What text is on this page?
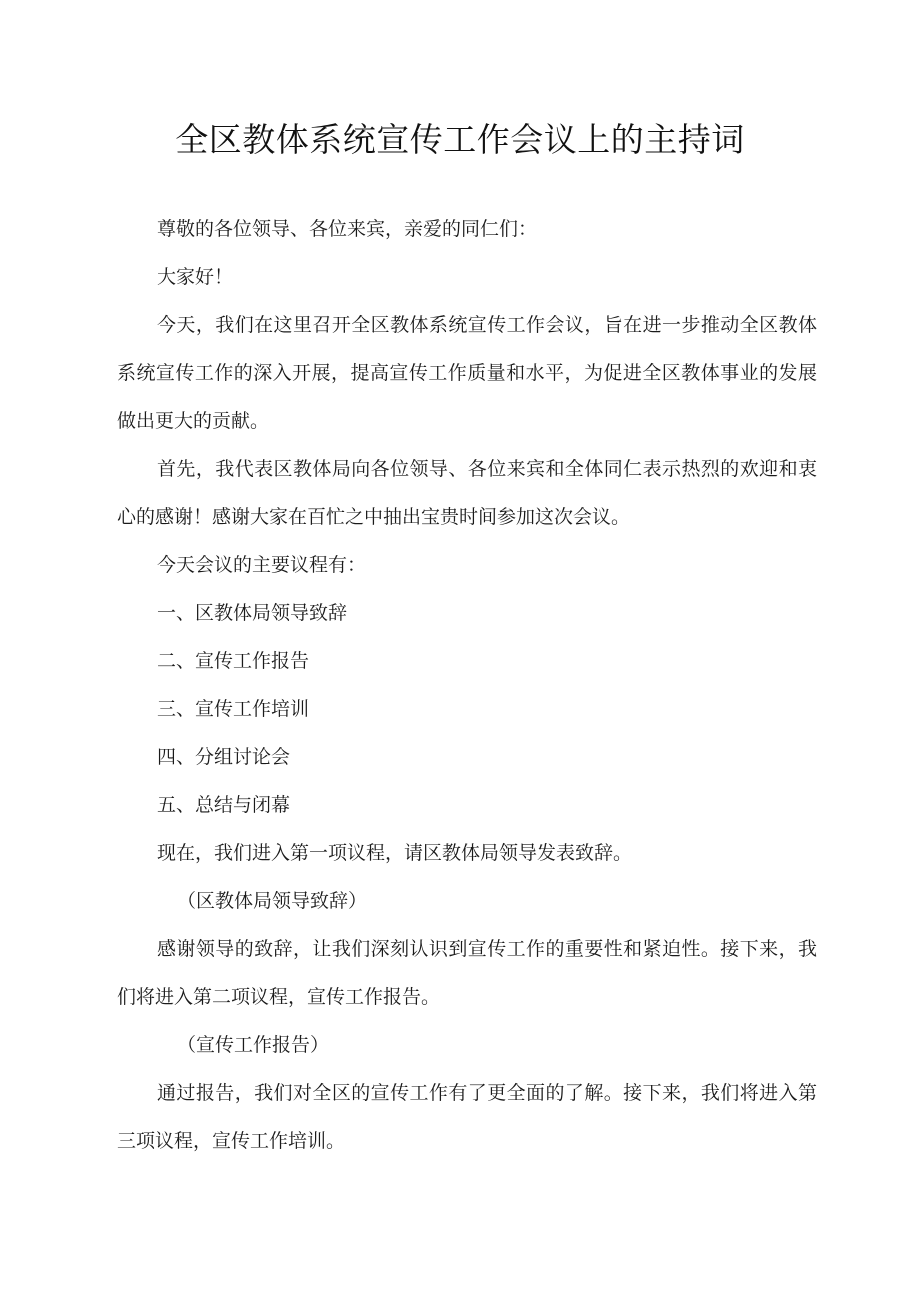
全区教体系统宣传工作会议上的主持词

尊敬的各位领导、各位来宾，亲爱的同仁们：

大家好！

今天，我们在这里召开全区教体系统宣传工作会议，旨在进一步推动全区教体系统宣传工作的深入开展，提高宣传工作质量和水平，为促进全区教体事业的发展做出更大的贡献。

首先，我代表区教体局向各位领导、各位来宾和全体同仁表示热烈的欢迎和衷心的感谢！感谢大家在百忙之中抽出宝贵时间参加这次会议。

今天会议的主要议程有：

一、区教体局领导致辞

二、宣传工作报告

三、宣传工作培训

四、分组讨论会

五、总结与闭幕

现在，我们进入第一项议程，请区教体局领导发表致辞。

（区教体局领导致辞）

感谢领导的致辞，让我们深刻认识到宣传工作的重要性和紧迫性。接下来，我们将进入第二项议程，宣传工作报告。

（宣传工作报告）

通过报告，我们对全区的宣传工作有了更全面的了解。接下来，我们将进入第三项议程，宣传工作培训。
